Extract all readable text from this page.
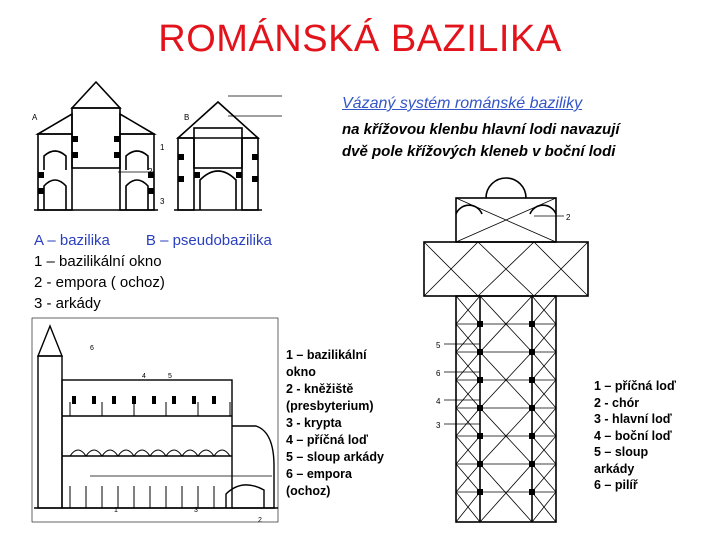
ROMÁNSKÁ BAZILIKA
Vázaný systém románské baziliky
na křížovou klenbu hlavní lodi navazují
dvě pole křížových kleneb v boční lodi
A	B
2
1
3
A – bazilika B – pseudobazilika
1 – bazilikální okno
2 - empora ( ochoz)
3 - arkády
5
4
6
1	3
2
1 – bazilikální
okno
2 - kněžiště
(presbyterium)
3 - krypta
4 – příčná loď
5 – sloup arkády
6 – empora
(ochoz)
2
5
6
4
3
1 – příčná loď
2 - chór
3 - hlavní loď
4 – boční loď
5 – sloup
arkády
6 – pilíř
